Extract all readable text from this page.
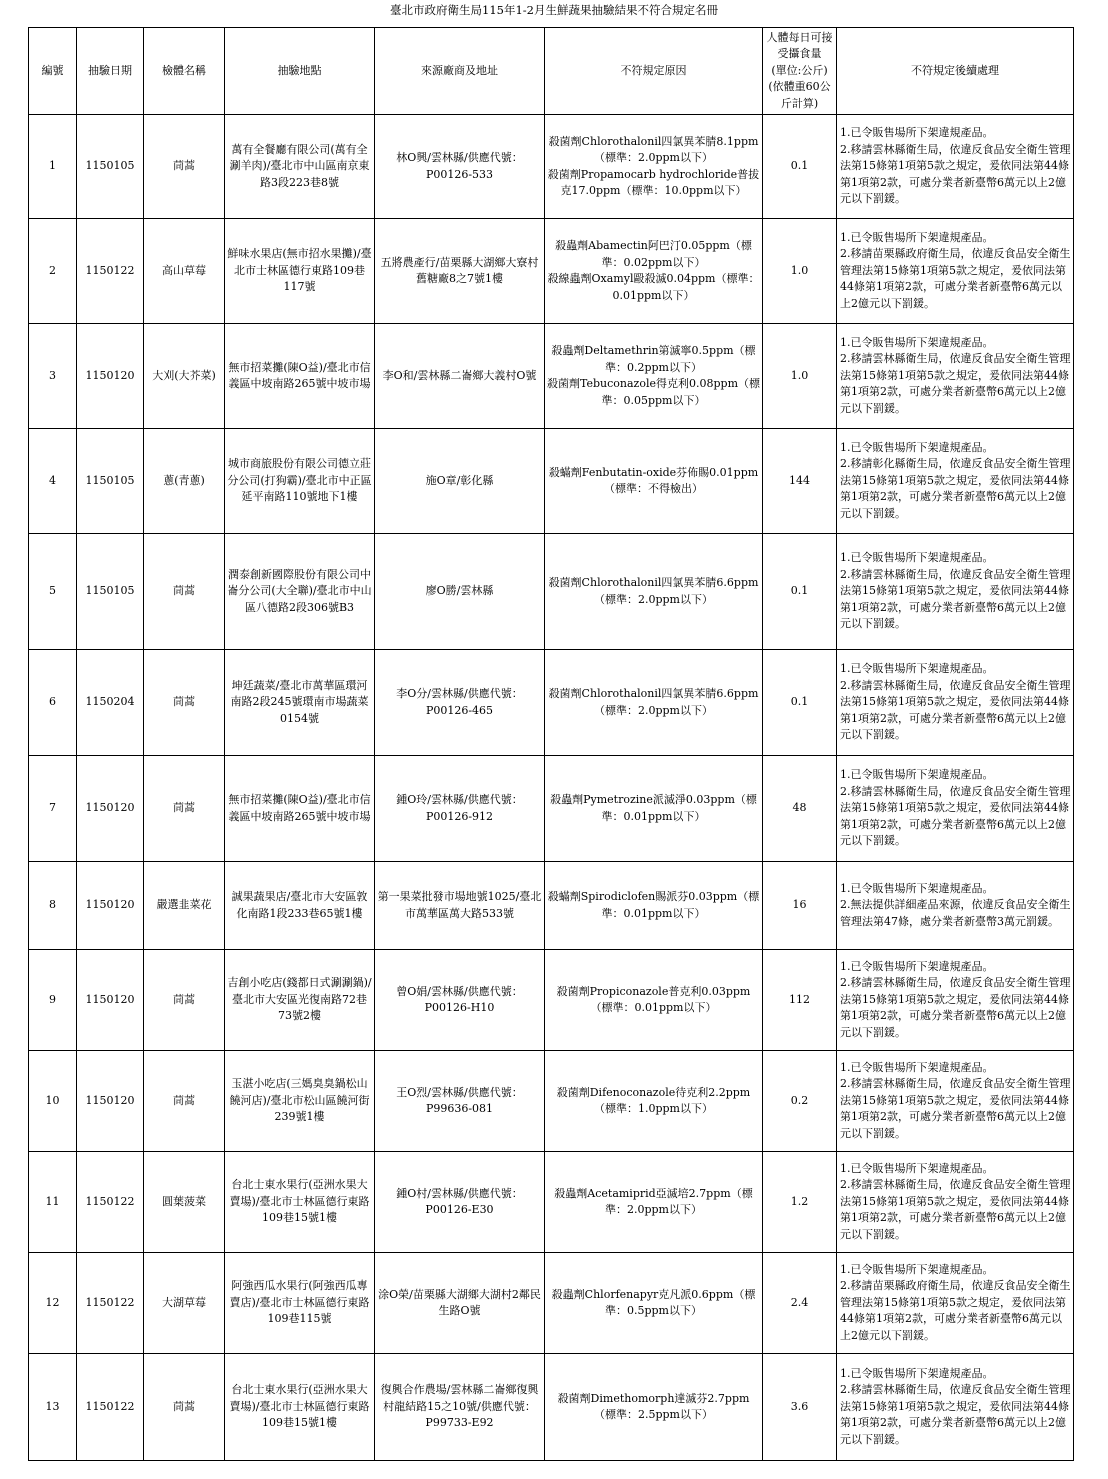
臺北市政府衛生局115年1-2月生鮮蔬果抽驗結果不符合規定名冊
編號	抽驗日期	檢體名稱	抽驗地點	來源廠商及地址	不符規定原因	人體每日可接受攝食量
(單位:公斤)
(依體重60公斤計算)	不符規定後續處理
1	1150105	茼蒿	萬有全餐廳有限公司(萬有全涮羊肉)/臺北市中山區南京東路3段223巷8號	林O興/雲林縣/供應代號：P00126-533	殺菌劑Chlorothalonil四氯異苯腈8.1ppm（標準：2.0ppm以下）
殺菌劑Propamocarb hydrochloride普拔克17.0ppm（標準：10.0ppm以下）	0.1	1.已令販售場所下架違規產品。
2.移請雲林縣衛生局，依違反食品安全衛生管理法第15條第1項第5款之規定，爰依同法第44條第1項第2款，可處分業者新臺幣6萬元以上2億元以下罰鍰。
2	1150122	高山草莓	鮮味水果店(無市招水果攤)/臺北市士林區德行東路109巷117號	五將農產行/苗栗縣大湖鄉大寮村舊糖廠8之7號1樓	殺蟲劑Abamectin阿巴汀0.05ppm（標準：0.02ppm以下）
殺線蟲劑Oxamyl毆殺滅0.04ppm（標準：0.01ppm以下）	1.0	1.已令販售場所下架違規產品。
2.移請苗栗縣政府衛生局，依違反食品安全衛生管理法第15條第1項第5款之規定，爰依同法第44條第1項第2款，可處分業者新臺幣6萬元以上2億元以下罰鍰。
3	1150120	大刈(大芥菜)	無市招菜攤(陳O益)/臺北市信義區中坡南路265號中坡市場	李O和/雲林縣二崙鄉大義村O號	殺蟲劑Deltamethrin第滅寧0.5ppm（標準：0.2ppm以下）
殺菌劑Tebuconazole得克利0.08ppm（標準：0.05ppm以下）	1.0	1.已令販售場所下架違規產品。
2.移請雲林縣衛生局，依違反食品安全衛生管理法第15條第1項第5款之規定，爰依同法第44條第1項第2款，可處分業者新臺幣6萬元以上2億元以下罰鍰。
4	1150105	蔥(青蔥)	城市商旅股份有限公司德立莊分公司(打狗霸)/臺北市中正區延平南路110號地下1樓	施O章/彰化縣	殺蟎劑Fenbutatin-oxide芬佈賜0.01ppm（標準：不得檢出）	144	1.已令販售場所下架違規產品。
2.移請彰化縣衛生局，依違反食品安全衛生管理法第15條第1項第5款之規定，爰依同法第44條第1項第2款，可處分業者新臺幣6萬元以上2億元以下罰鍰。
5	1150105	茼蒿	潤泰創新國際股份有限公司中崙分公司(大全聯)/臺北市中山區八德路2段306號B3	廖O勝/雲林縣	殺菌劑Chlorothalonil四氯異苯腈6.6ppm（標準：2.0ppm以下）	0.1	1.已令販售場所下架違規產品。
2.移請雲林縣衛生局，依違反食品安全衛生管理法第15條第1項第5款之規定，爰依同法第44條第1項第2款，可處分業者新臺幣6萬元以上2億元以下罰鍰。
6	1150204	茼蒿	坤廷蔬菜/臺北市萬華區環河南路2段245號環南市場蔬菜0154號	李O分/雲林縣/供應代號：P00126-465	殺菌劑Chlorothalonil四氯異苯腈6.6ppm（標準：2.0ppm以下）	0.1	1.已令販售場所下架違規產品。
2.移請雲林縣衛生局，依違反食品安全衛生管理法第15條第1項第5款之規定，爰依同法第44條第1項第2款，可處分業者新臺幣6萬元以上2億元以下罰鍰。
7	1150120	茼蒿	無市招菜攤(陳O益)/臺北市信義區中坡南路265號中坡市場	鍾O玲/雲林縣/供應代號：P00126-912	殺蟲劑Pymetrozine派滅淨0.03ppm（標準：0.01ppm以下）	48	1.已令販售場所下架違規產品。
2.移請雲林縣衛生局，依違反食品安全衛生管理法第15條第1項第5款之規定，爰依同法第44條第1項第2款，可處分業者新臺幣6萬元以上2億元以下罰鍰。
8	1150120	嚴選韭菜花	誠果蔬果店/臺北市大安區敦化南路1段233巷65號1樓	第一果菜批發市場地號1025/臺北市萬華區萬大路533號	殺蟎劑Spirodiclofen賜派芬0.03ppm（標準：0.01ppm以下）	16	1.已令販售場所下架違規產品。
2.無法提供詳細產品來源，依違反食品安全衛生管理法第47條，處分業者新臺幣3萬元罰鍰。
9	1150120	茼蒿	吉創小吃店(錢都日式涮涮鍋)/臺北市大安區光復南路72巷73號2樓	曾O娟/雲林縣/供應代號：P00126-H10	殺菌劑Propiconazole普克利0.03ppm（標準：0.01ppm以下）	112	1.已令販售場所下架違規產品。
2.移請雲林縣衛生局，依違反食品安全衛生管理法第15條第1項第5款之規定，爰依同法第44條第1項第2款，可處分業者新臺幣6萬元以上2億元以下罰鍰。
10	1150120	茼蒿	玉湛小吃店(三媽臭臭鍋松山饒河店)/臺北市松山區饒河街239號1樓	王O烈/雲林縣/供應代號：P99636-081	殺菌劑Difenoconazole待克利2.2ppm（標準：1.0ppm以下）	0.2	1.已令販售場所下架違規產品。
2.移請雲林縣衛生局，依違反食品安全衛生管理法第15條第1項第5款之規定，爰依同法第44條第1項第2款，可處分業者新臺幣6萬元以上2億元以下罰鍰。
11	1150122	圓葉菠菜	台北士東水果行(亞洲水果大賣場)/臺北市士林區德行東路109巷15號1樓	鍾O村/雲林縣/供應代號：P00126-E30	殺蟲劑Acetamiprid亞滅培2.7ppm（標準：2.0ppm以下）	1.2	1.已令販售場所下架違規產品。
2.移請雲林縣衛生局，依違反食品安全衛生管理法第15條第1項第5款之規定，爰依同法第44條第1項第2款，可處分業者新臺幣6萬元以上2億元以下罰鍰。
12	1150122	大湖草莓	阿強西瓜水果行(阿強西瓜專賣店)/臺北市士林區德行東路109巷115號	涂O榮/苗栗縣大湖鄉大湖村2鄰民生路O號	殺蟲劑Chlorfenapyr克凡派0.6ppm（標準：0.5ppm以下）	2.4	1.已令販售場所下架違規產品。
2.移請苗栗縣政府衛生局，依違反食品安全衛生管理法第15條第1項第5款之規定，爰依同法第44條第1項第2款，可處分業者新臺幣6萬元以上2億元以下罰鍰。
13	1150122	茼蒿	台北士東水果行(亞洲水果大賣場)/臺北市士林區德行東路109巷15號1樓	復興合作農場/雲林縣二崙鄉復興村龍結路15之10號/供應代號：P99733-E92	殺菌劑Dimethomorph達滅芬2.7ppm（標準：2.5ppm以下）	3.6	1.已令販售場所下架違規產品。
2.移請雲林縣衛生局，依違反食品安全衛生管理法第15條第1項第5款之規定，爰依同法第44條第1項第2款，可處分業者新臺幣6萬元以上2億元以下罰鍰。
